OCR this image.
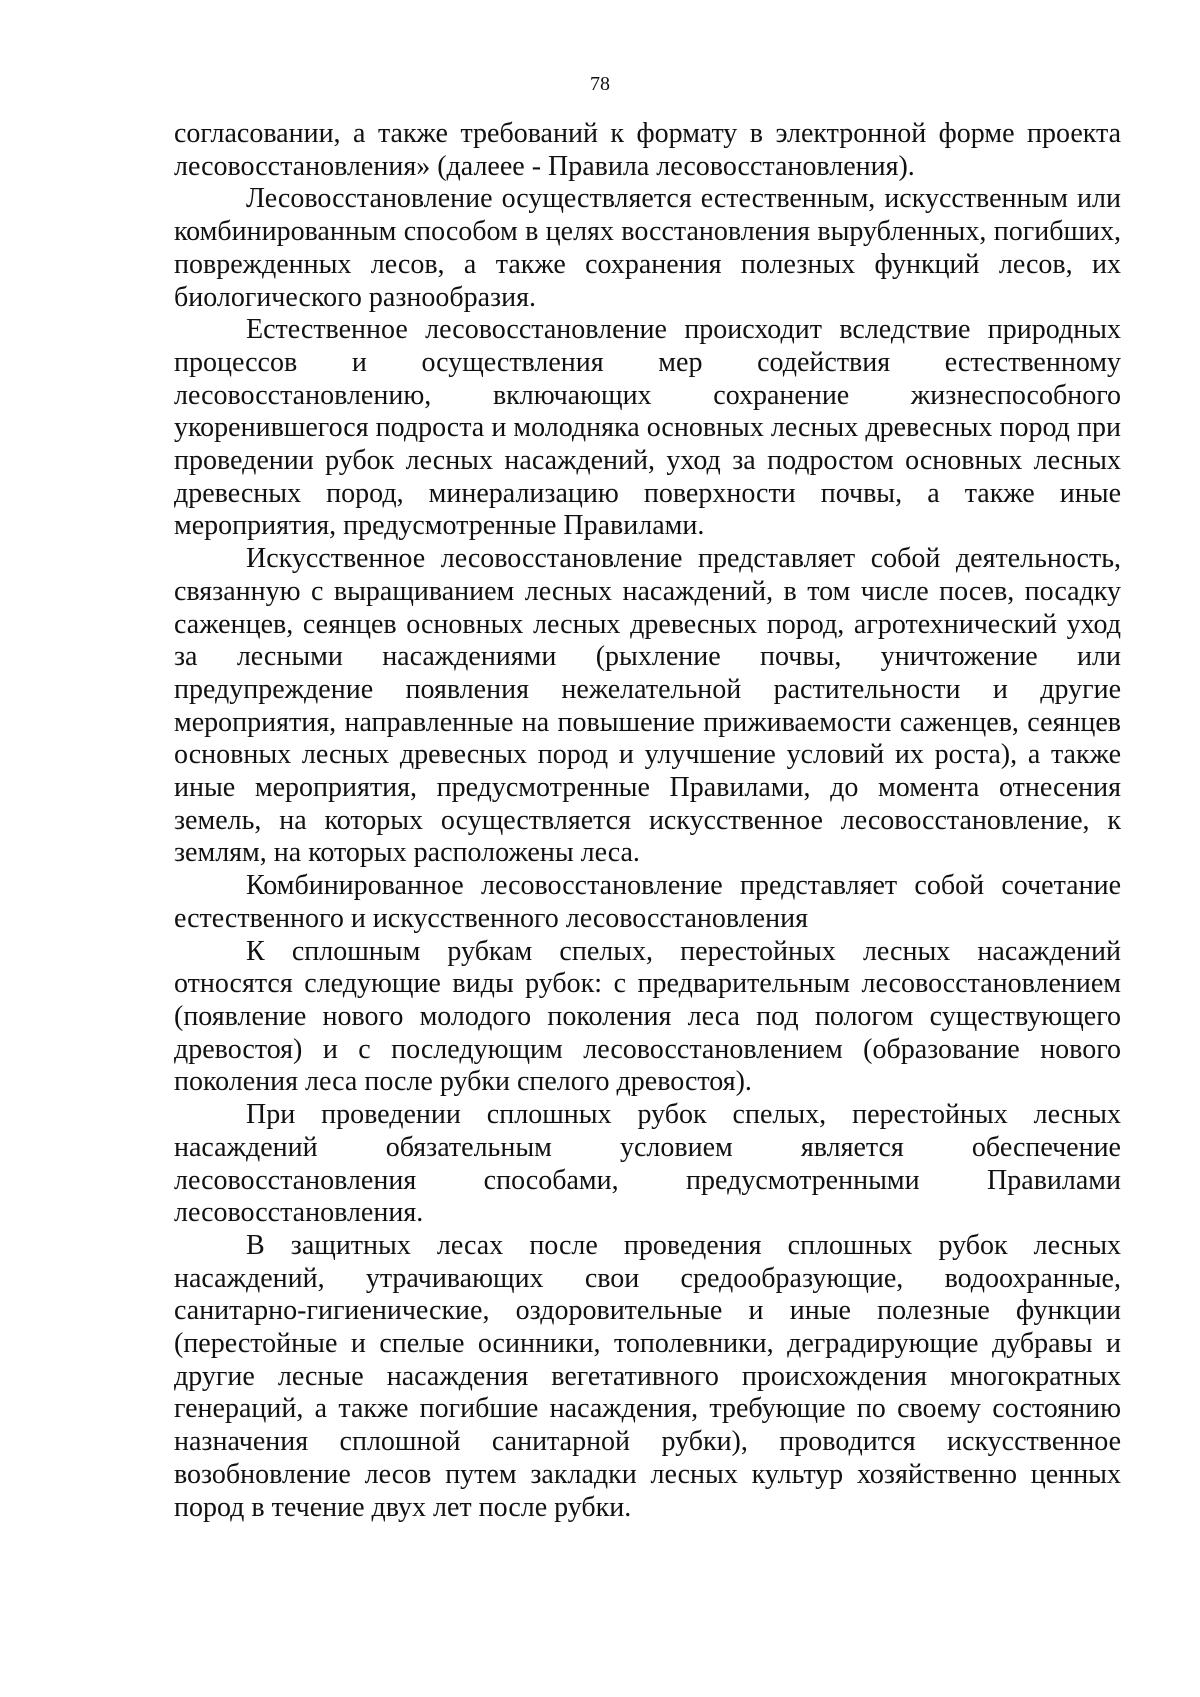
78

согласовании, а также требований к формату в электронной форме проекта лесовосстановления» (далеее - Правила лесовосстановления).

Лесовосстановление осуществляется естественным, искусственным или комбинированным способом в целях восстановления вырубленных, погибших, поврежденных лесов, а также сохранения полезных функций лесов, их биологического разнообразия.

Естественное лесовосстановление происходит вследствие природных процессов и осуществления мер содействия естественному лесовосстановлению, включающих сохранение жизнеспособного укоренившегося подроста и молодняка основных лесных древесных пород при проведении рубок лесных насаждений, уход за подростом основных лесных древесных пород, минерализацию поверхности почвы, а также иные мероприятия, предусмотренные Правилами.

Искусственное лесовосстановление представляет собой деятельность, связанную с выращиванием лесных насаждений, в том числе посев, посадку саженцев, сеянцев основных лесных древесных пород, агротехнический уход за лесными насаждениями (рыхление почвы, уничтожение или предупреждение появления нежелательной растительности и другие мероприятия, направленные на повышение приживаемости саженцев, сеянцев основных лесных древесных пород и улучшение условий их роста), а также иные мероприятия, предусмотренные Правилами, до момента отнесения земель, на которых осуществляется искусственное лесовосстановление, к землям, на которых расположены леса.

Комбинированное лесовосстановление представляет собой сочетание естественного и искусственного лесовосстановления

К сплошным рубкам спелых, перестойных лесных насаждений относятся следующие виды рубок: с предварительным лесовосстановлением (появление нового молодого поколения леса под пологом существующего древостоя) и с последующим лесовосстановлением (образование нового поколения леса после рубки спелого древостоя).

При проведении сплошных рубок спелых, перестойных лесных насаждений обязательным условием является обеспечение лесовосстановления способами, предусмотренными Правилами лесовосстановления.

В защитных лесах после проведения сплошных рубок лесных насаждений, утрачивающих свои средообразующие, водоохранные, санитарно-гигиенические, оздоровительные и иные полезные функции (перестойные и спелые осинники, тополевники, деградирующие дубравы и другие лесные насаждения вегетативного происхождения многократных генераций, а также погибшие насаждения, требующие по своему состоянию назначения сплошной санитарной рубки), проводится искусственное возобновление лесов путем закладки лесных культур хозяйственно ценных пород в течение двух лет после рубки.
